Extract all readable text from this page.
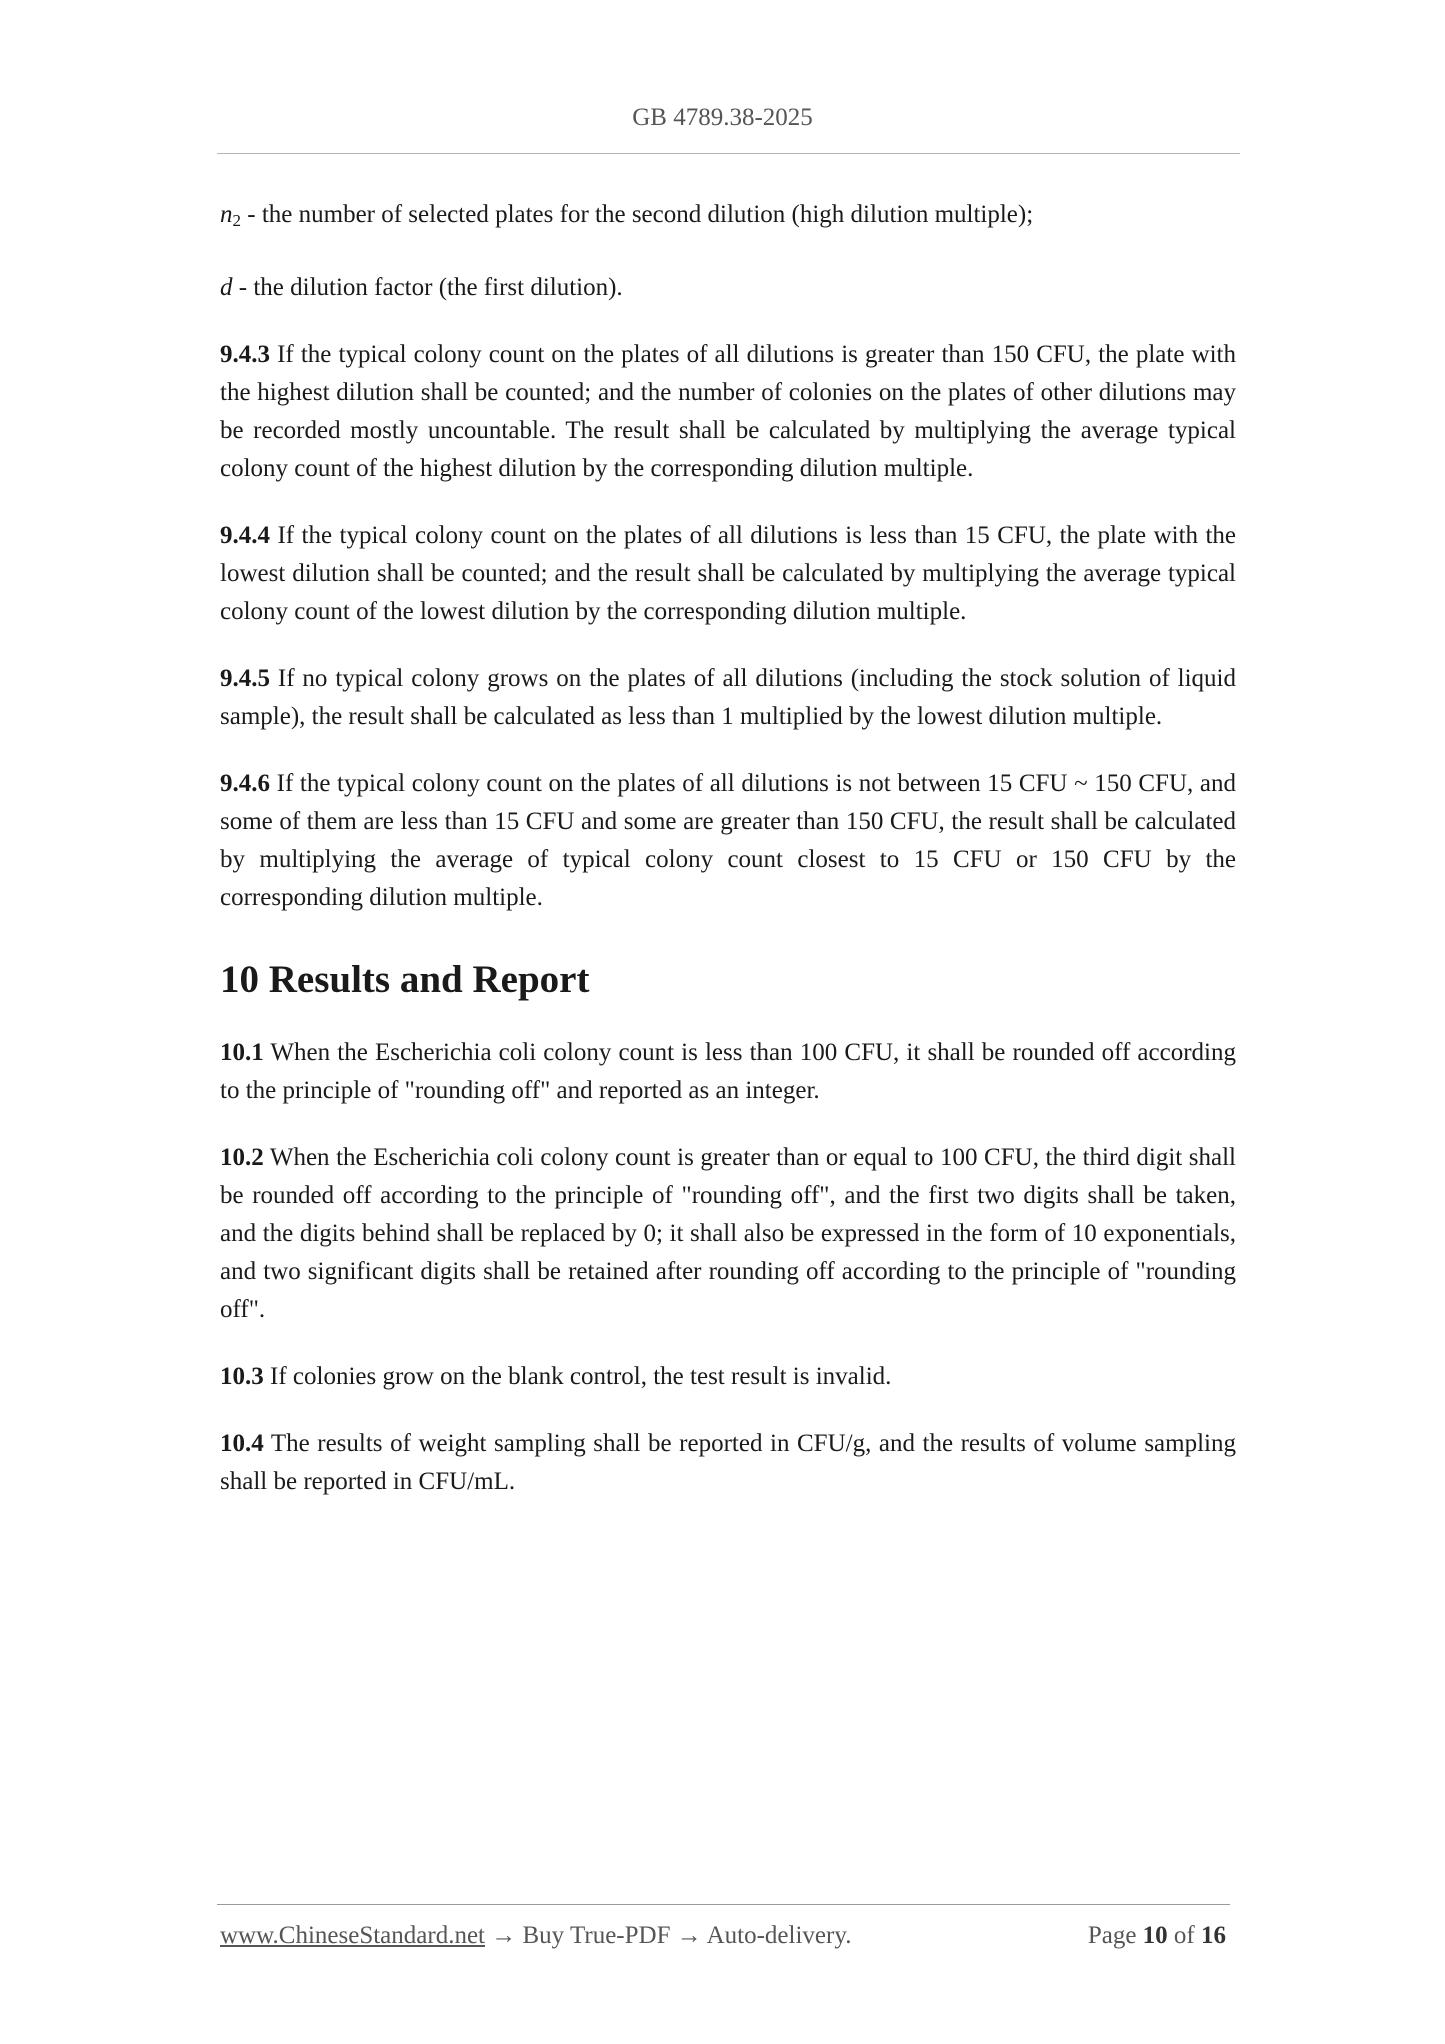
GB 4789.38-2025

$n_2$ - the number of selected plates for the second dilution (high dilution multiple);

d - the dilution factor (the first dilution).

9.4.3 If the typical colony count on the plates of all dilutions is greater than 150 CFU, the plate with the highest dilution shall be counted; and the number of colonies on the plates of other dilutions may be recorded mostly uncountable. The result shall be calculated by multiplying the average typical colony count of the highest dilution by the corresponding dilution multiple.

9.4.4 If the typical colony count on the plates of all dilutions is less than 15 CFU, the plate with the lowest dilution shall be counted; and the result shall be calculated by multiplying the average typical colony count of the lowest dilution by the corresponding dilution multiple.

9.4.5 If no typical colony grows on the plates of all dilutions (including the stock solution of liquid sample), the result shall be calculated as less than 1 multiplied by the lowest dilution multiple.

9.4.6 If the typical colony count on the plates of all dilutions is not between 15 CFU ~ 150 CFU, and some of them are less than 15 CFU and some are greater than 150 CFU, the result shall be calculated by multiplying the average of typical colony count closest to 15 CFU or 150 CFU by the corresponding dilution multiple.

10 Results and Report

10.1 When the Escherichia coli colony count is less than 100 CFU, it shall be rounded off according to the principle of "rounding off" and reported as an integer.

10.2 When the Escherichia coli colony count is greater than or equal to 100 CFU, the third digit shall be rounded off according to the principle of "rounding off", and the first two digits shall be taken, and the digits behind shall be replaced by 0; it shall also be expressed in the form of 10 exponentials, and two significant digits shall be retained after rounding off according to the principle of "rounding off".

10.3 If colonies grow on the blank control, the test result is invalid.

10.4 The results of weight sampling shall be reported in CFU/g, and the results of volume sampling shall be reported in CFU/mL.

www.ChineseStandard.net → Buy True-PDF → Auto-delivery.	Page 10 of 16
